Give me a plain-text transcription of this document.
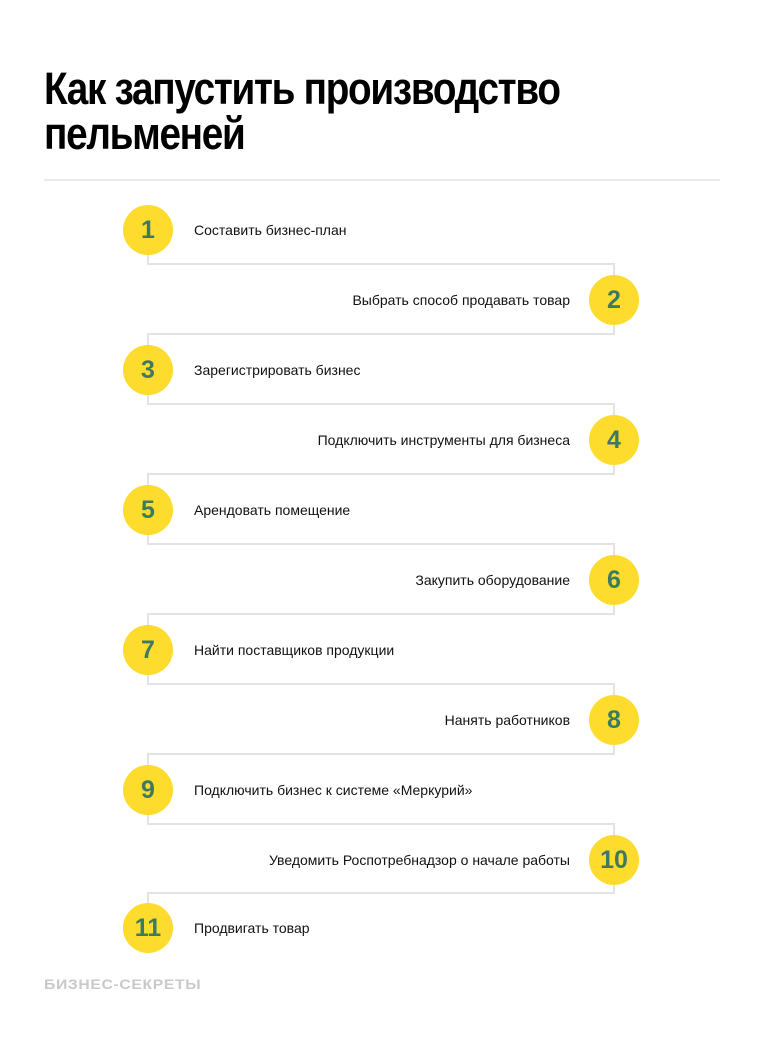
Как запустить производство
пельменей
1	Составить бизнес-план
2
Выбрать способ продавать товар
3	Зарегистрировать бизнес
4
Подключить инструменты для бизнеса
5	Арендовать помещение
6
Закупить оборудование
7	Найти поставщиков продукции
8
Нанять работников
9	Подключить бизнес к системе «Меркурий»
10
Уведомить Роспотребнадзор о начале работы
11	Продвигать товар
БИЗНЕС-СЕКРЕТЫ
